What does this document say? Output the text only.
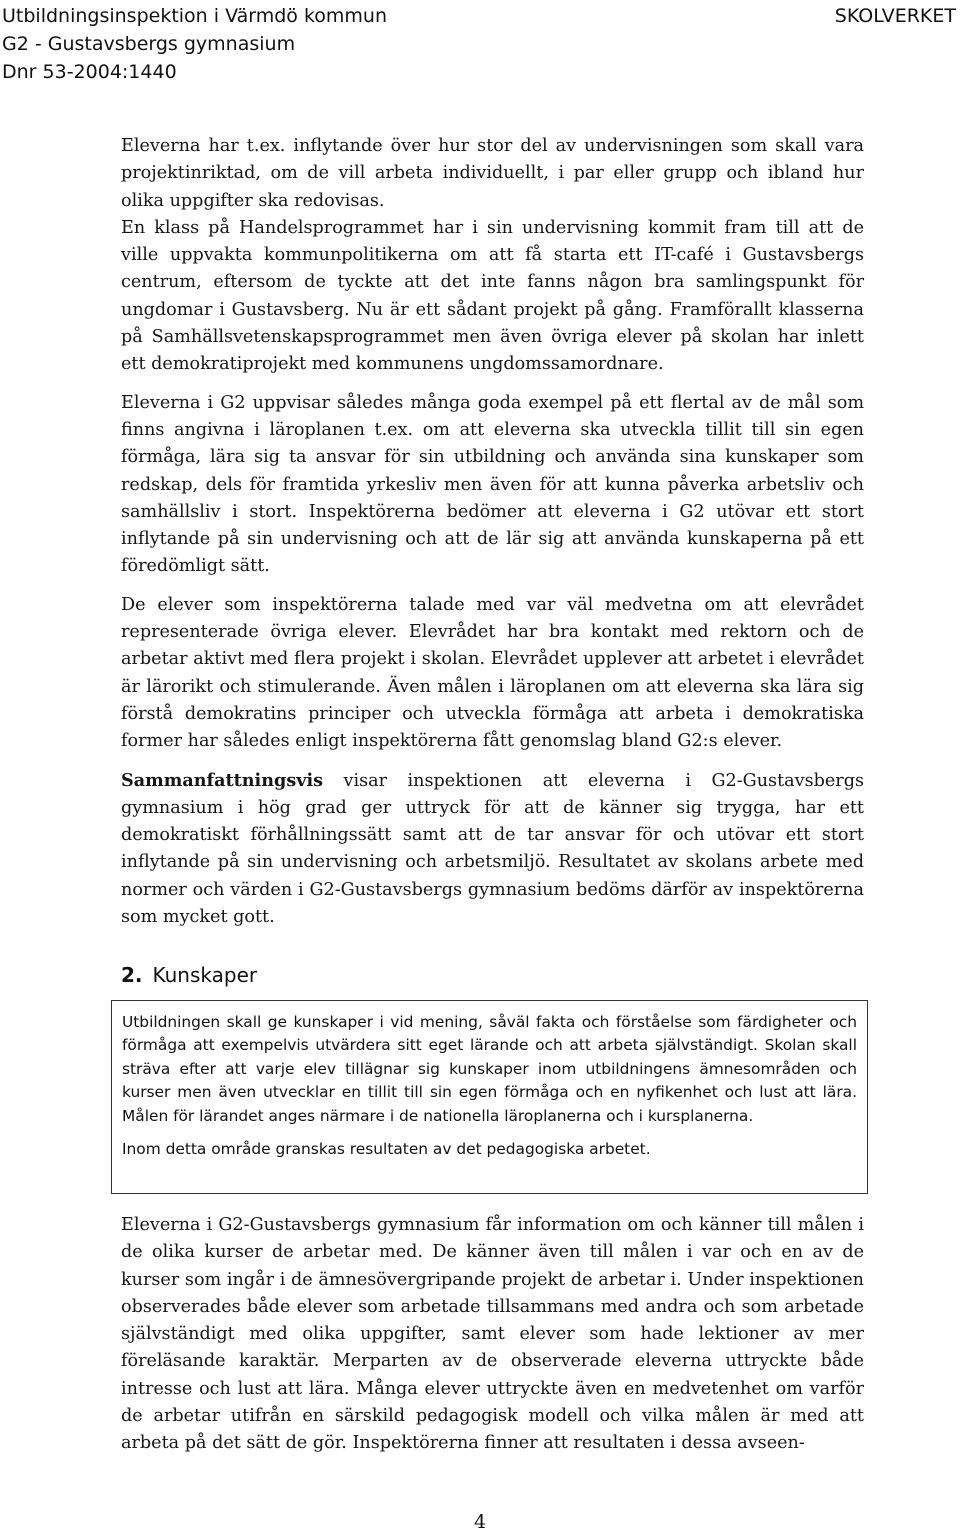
Utbildningsinspektion i Värmdö kommun
G2 - Gustavsbergs gymnasium
Dnr 53-2004:1440
SKOLVERKET

Eleverna har t.ex. inflytande över hur stor del av undervisningen som skall vara projektinriktad, om de vill arbeta individuellt, i par eller grupp och ibland hur olika uppgifter ska redovisas.

En klass på Handelsprogrammet har i sin undervisning kommit fram till att de ville uppvakta kommunpolitikerna om att få starta ett IT-café i Gustavsbergs centrum, eftersom de tyckte att det inte fanns någon bra samlingspunkt för ungdomar i Gustavsberg. Nu är ett sådant projekt på gång. Framförallt klasserna på Samhällsvetenskapsprogrammet men även övriga elever på skolan har inlett ett demokratiprojekt med kommunens ungdomssamordnare.

Eleverna i G2 uppvisar således många goda exempel på ett flertal av de mål som finns angivna i läroplanen t.ex. om att eleverna ska utveckla tillit till sin egen förmåga, lära sig ta ansvar för sin utbildning och använda sina kunskaper som redskap, dels för framtida yrkesliv men även för att kunna påverka arbetsliv och samhällsliv i stort. Inspektörerna bedömer att eleverna i G2 utövar ett stort inflytande på sin undervisning och att de lär sig att använda kunskaperna på ett föredömligt sätt.

De elever som inspektörerna talade med var väl medvetna om att elevrådet representerade övriga elever. Elevrådet har bra kontakt med rektorn och de arbetar aktivt med flera projekt i skolan. Elevrådet upplever att arbetet i elevrådet är lärorikt och stimulerande. Även målen i läroplanen om att eleverna ska lära sig förstå demokratins principer och utveckla förmåga att arbeta i demokratiska former har således enligt inspektörerna fått genomslag bland G2:s elever.

Sammanfattningsvis visar inspektionen att eleverna i G2-Gustavsbergs gymnasium i hög grad ger uttryck för att de känner sig trygga, har ett demokratiskt förhållningssätt samt att de tar ansvar för och utövar ett stort inflytande på sin undervisning och arbetsmiljö. Resultatet av skolans arbete med normer och värden i G2-Gustavsbergs gymnasium bedöms därför av inspektörerna som mycket gott.

2. Kunskaper

Utbildningen skall ge kunskaper i vid mening, såväl fakta och förståelse som färdigheter och förmåga att exempelvis utvärdera sitt eget lärande och att arbeta självständigt. Skolan skall sträva efter att varje elev tillägnar sig kunskaper inom utbildningens ämnesområden och kurser men även utvecklar en tillit till sin egen förmåga och en nyfikenhet och lust att lära. Målen för lärandet anges närmare i de nationella läroplanerna och i kursplanerna.

Inom detta område granskas resultaten av det pedagogiska arbetet.

Eleverna i G2-Gustavsbergs gymnasium får information om och känner till målen i de olika kurser de arbetar med. De känner även till målen i var och en av de kurser som ingår i de ämnesövergripande projekt de arbetar i. Under inspektionen observerades både elever som arbetade tillsammans med andra och som arbetade självständigt med olika uppgifter, samt elever som hade lektioner av mer föreläsande karaktär. Merparten av de observerade eleverna uttryckte både intresse och lust att lära. Många elever uttryckte även en medvetenhet om varför de arbetar utifrån en särskild pedagogisk modell och vilka målen är med att arbeta på det sätt de gör. Inspektörerna finner att resultaten i dessa avseen-

4
